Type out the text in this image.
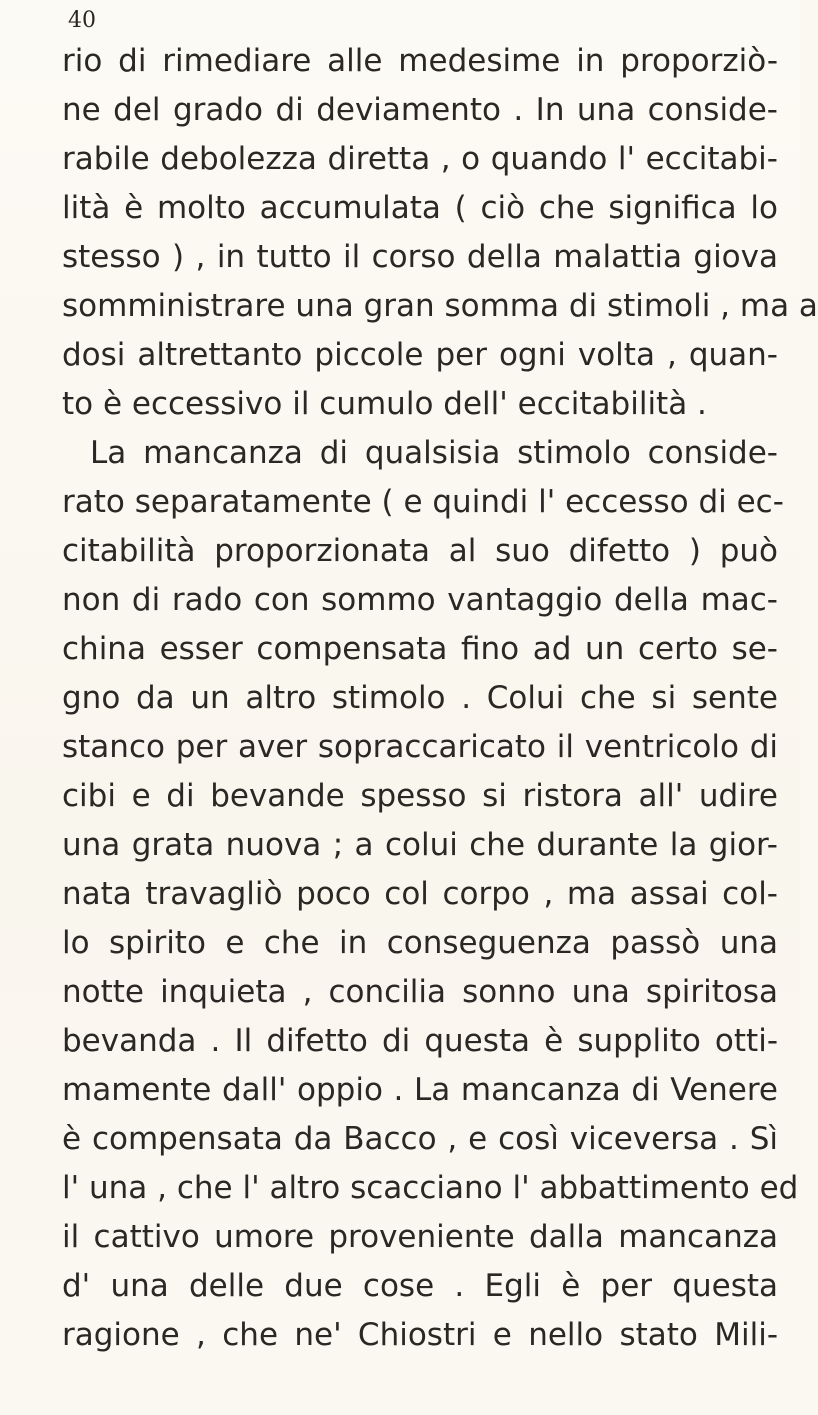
40
rio di rimediare alle medesime in proporziò-
ne del grado di deviamento . In una conside-
rabile debolezza diretta , o quando l' eccitabi-
lità è molto accumulata ( ciò che significa lo
stesso ) , in tutto il corso della malattia giova
somministrare una gran somma di stimoli , ma a
dosi altrettanto piccole per ogni volta , quan-
to è eccessivo il cumulo dell' eccitabilità .
La mancanza di qualsisia stimolo conside-
rato separatamente ( e quindi l' eccesso di ec-
citabilità proporzionata al suo difetto ) può
non di rado con sommo vantaggio della mac-
china esser compensata fino ad un certo se-
gno da un altro stimolo . Colui che si sente
stanco per aver sopraccaricato il ventricolo di
cibi e di bevande spesso si ristora all' udire
una grata nuova ; a colui che durante la gior-
nata travagliò poco col corpo , ma assai col-
lo spirito e che in conseguenza passò una
notte inquieta , concilia sonno una spiritosa
bevanda . Il difetto di questa è supplito otti-
mamente dall' oppio . La mancanza di Venere
è compensata da Bacco , e così viceversa . Sì
l' una , che l' altro scacciano l' abbattimento ed
il cattivo umore proveniente dalla mancanza
d' una delle due cose . Egli è per questa
ragione , che ne' Chiostri e nello stato Mili-
